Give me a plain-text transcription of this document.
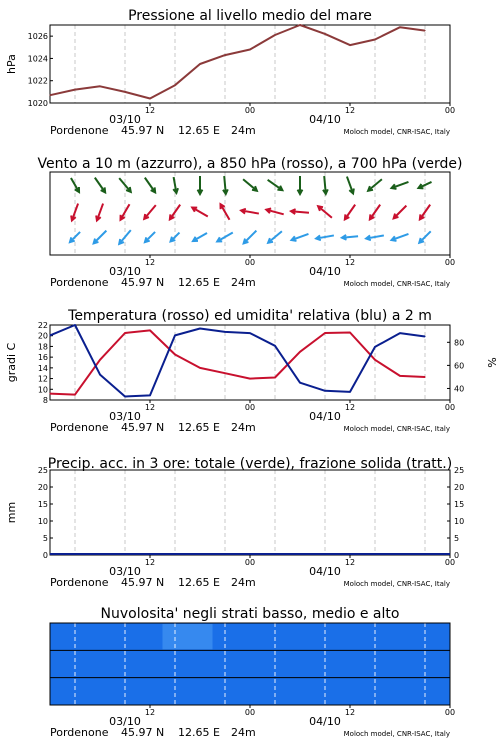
Pressione al livello medio del mare
Vento a 10 m (azzurro), a 850 hPa (rosso), a 700 hPa (verde)
Temperatura (rosso) ed umidita' relativa (blu) a 2 m
Precip. acc. in 3 ore: totale (verde), frazione solida (tratt.)
Nuvolosita' negli strati basso, medio e alto
1020
1022
1024
1026
hPa
12	00	12	00
03/10	04/10
Pordenone 45.97 N 12.65 E 24m	Moloch model, CNR-ISAC, Italy
12	00	12	00
03/10	04/10
Pordenone 45.97 N 12.65 E 24m	Moloch model, CNR-ISAC, Italy
8
10
12
14
16
18
20
22
40
60
80
gradi C	%
12	00	12	00
03/10	04/10
Pordenone 45.97 N 12.65 E 24m	Moloch model, CNR-ISAC, Italy
0
5
10
15
20
25
0
5
10
15
20
25
mm
12	00	12	00
03/10	04/10
Pordenone 45.97 N 12.65 E 24m	Moloch model, CNR-ISAC, Italy
12	00	12	00
03/10	04/10
Pordenone 45.97 N 12.65 E 24m	Moloch model, CNR-ISAC, Italy
